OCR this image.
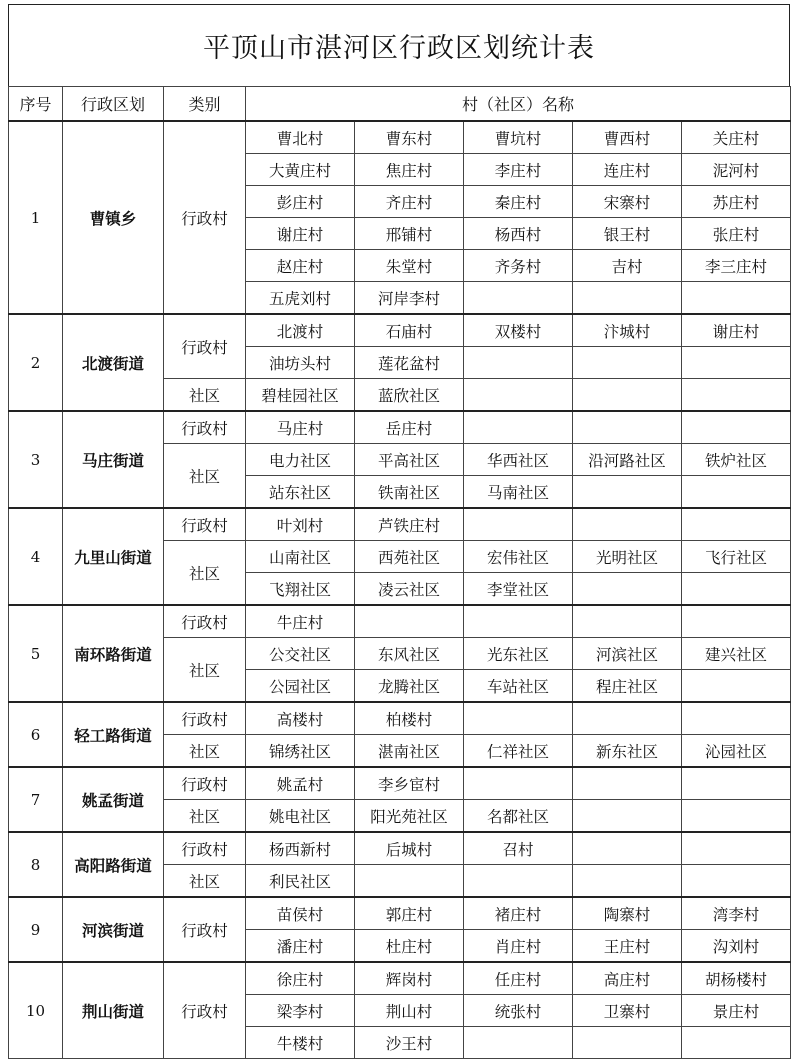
平顶山市湛河区行政区划统计表
序号	行政区划	类别	村（社区）名称				
1	曹镇乡	行政村	曹北村	曹东村	曹坑村	曹西村	关庄村
			大黄庄村	焦庄村	李庄村	连庄村	泥河村
			彭庄村	齐庄村	秦庄村	宋寨村	苏庄村
			谢庄村	邢铺村	杨西村	银王村	张庄村
			赵庄村	朱堂村	齐务村	吉村	李三庄村
			五虎刘村	河岸李村			
2	北渡街道	行政村	北渡村	石庙村	双楼村	汴城村	谢庄村
			油坊头村	莲花盆村			
		社区	碧桂园社区	蓝欣社区			
3	马庄街道	行政村	马庄村	岳庄村			
		社区	电力社区	平高社区	华西社区	沿河路社区	铁炉社区
			站东社区	铁南社区	马南社区		
4	九里山街道	行政村	叶刘村	芦铁庄村			
		社区	山南社区	西苑社区	宏伟社区	光明社区	飞行社区
			飞翔社区	凌云社区	李堂社区		
5	南环路街道	行政村	牛庄村				
		社区	公交社区	东风社区	光东社区	河滨社区	建兴社区
			公园社区	龙腾社区	车站社区	程庄社区	
6	轻工路街道	行政村	高楼村	柏楼村			
		社区	锦绣社区	湛南社区	仁祥社区	新东社区	沁园社区
7	姚孟街道	行政村	姚孟村	李乡宦村			
		社区	姚电社区	阳光苑社区	名都社区		
8	高阳路街道	行政村	杨西新村	后城村	召村		
		社区	利民社区				
9	河滨街道	行政村	苗侯村	郭庄村	褚庄村	陶寨村	湾李村
			潘庄村	杜庄村	肖庄村	王庄村	沟刘村
10	荆山街道	行政村	徐庄村	辉岗村	任庄村	高庄村	胡杨楼村
			梁李村	荆山村	统张村	卫寨村	景庄村
			牛楼村	沙王村			
